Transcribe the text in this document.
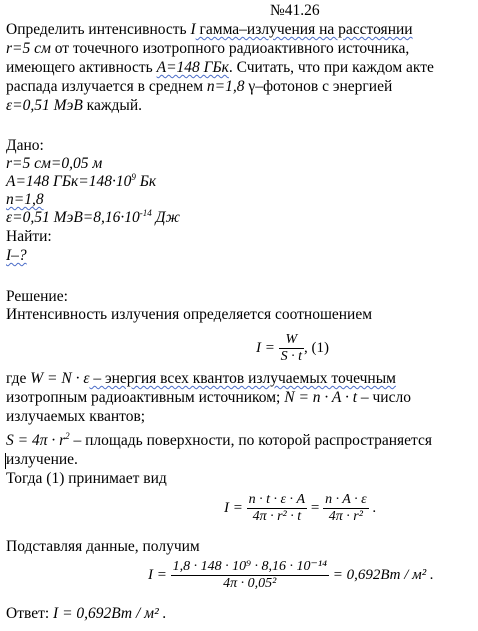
№41.26
Определить интенсивность I гамма–излучения на расстоянии
r=5 см от точечного изотропного радиоактивного источника,
имеющего активность A=148 ГБк. Считать, что при каждом акте
распада излучается в среднем n=1,8 γ–фотонов с энергией
ε=0,51 МэВ каждый.
Дано:
r=5 см=0,05 м
A=148 $ГБк=148\cdot 10^9$ Бк
n=1,8
ε=0,51 $МэВ=8,16\cdot 10^{-14}$ Дж
Найти:
I–?
Решение:
Интенсивность излучения определяется соотношением
$I = \frac{W}{S \cdot t}$ , (1)
где W = N · ε – энергия всех квантов излучаемых точечным
изотропным радиоактивным источником; N = n · A · t – число
излучаемых квантов;
$S = 4\pi \cdot r^2$ – площадь поверхности, по которой распространяется
излучение.
Тогда (1) принимает вид
$I = \frac{n \cdot t \cdot \varepsilon \cdot A}{\text{4π · r² · t}} = \frac{n \cdot A \cdot \varepsilon}{\text{4π · r²}}$ .
Подставляя данные, получим
$I = \frac{\text{1,8 · 148 · 10⁹ · 8,16 · 10⁻¹⁴}}{\text{4π · 0,05²}} = 0,692Вт / м^2$ .
Ответ: I = 0,692Вт / м² .
